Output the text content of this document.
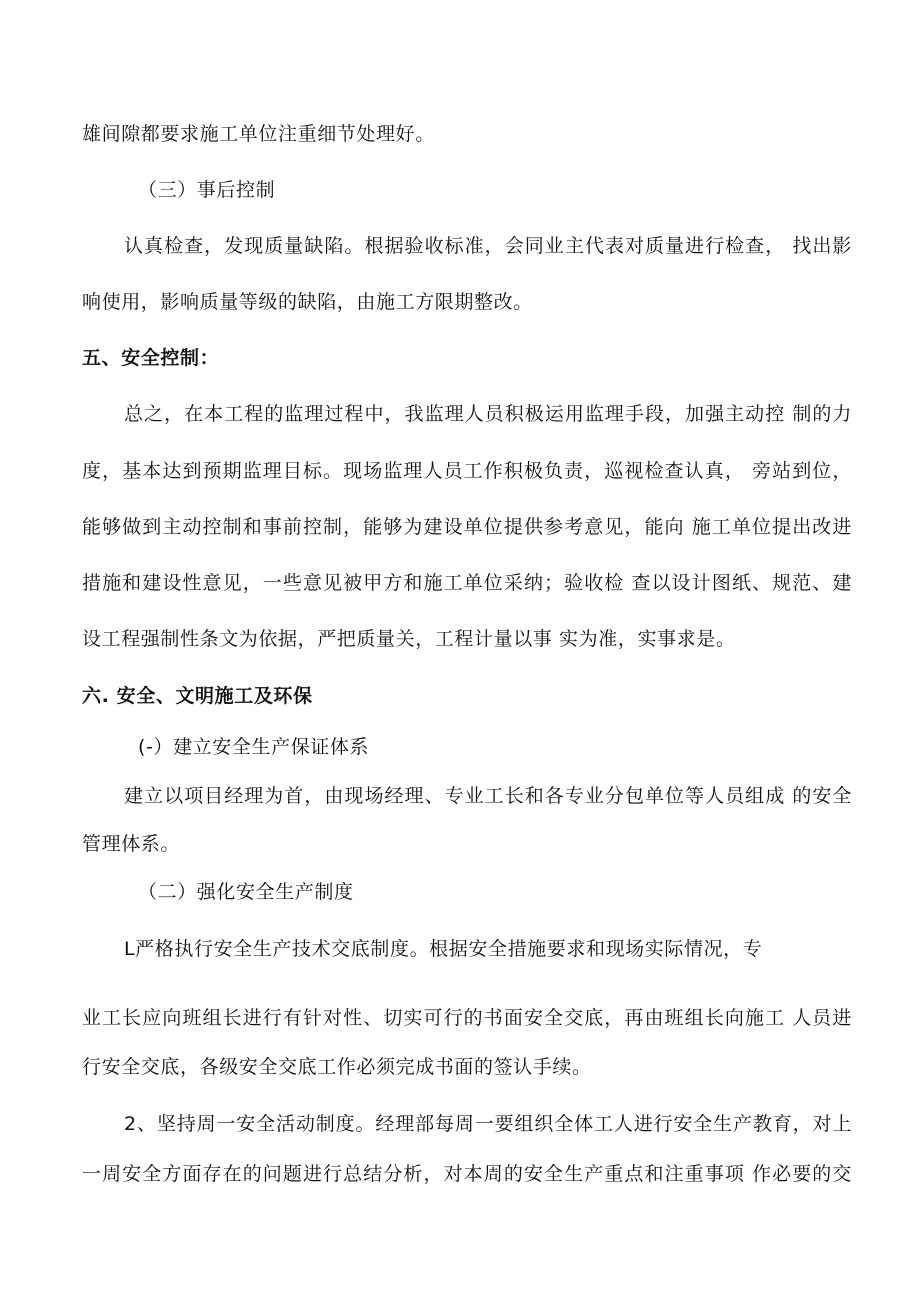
雄间隙都要求施工单位注重细节处理好。
（三）事后控制
认真检查，发现质量缺陷。根据验收标准，会同业主代表对质量进行检查， 找出影
响使用，影响质量等级的缺陷，由施工方限期整改。
五、安全控制：
总之，在本工程的监理过程中，我监理人员积极运用监理手段，加强主动控 制的力
度，基本达到预期监理目标。现场监理人员工作积极负责，巡视检查认真， 旁站到位，
能够做到主动控制和事前控制，能够为建设单位提供参考意见，能向 施工单位提出改进
措施和建设性意见，一些意见被甲方和施工单位采纳；验收检 查以设计图纸、规范、建
设工程强制性条文为依据，严把质量关，工程计量以事 实为准，实事求是。
六. 安全、文明施工及环保
(-）建立安全生产保证体系
建立以项目经理为首，由现场经理、专业工长和各专业分包单位等人员组成 的安全
管理体系。
（二）强化安全生产制度
L严格执行安全生产技术交底制度。根据安全措施要求和现场实际情况，专
业工长应向班组长进行有针对性、切实可行的书面安全交底，再由班组长向施工 人员进
行安全交底，各级安全交底工作必须完成书面的签认手续。
2、坚持周一安全活动制度。经理部每周一要组织全体工人进行安全生产教育，对上
一周安全方面存在的问题进行总结分析，对本周的安全生产重点和注重事项 作必要的交
